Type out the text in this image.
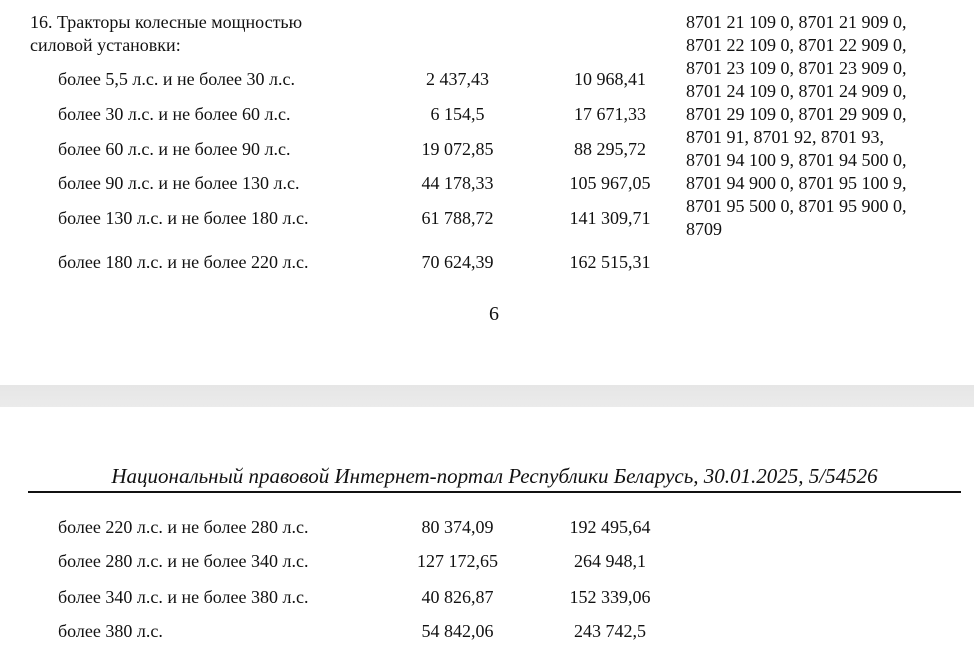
16. Тракторы колесные мощностью
силовой установки:
более 5,5 л.с. и не более 30 л.с.	2 437,43	10 968,41
более 30 л.с. и не более 60 л.с.	6 154,5	17 671,33
более 60 л.с. и не более 90 л.с.	19 072,85	88 295,72
более 90 л.с. и не более 130 л.с.	44 178,33	105 967,05
более 130 л.с. и не более 180 л.с.	61 788,72	141 309,71
более 180 л.с. и не более 220 л.с.	70 624,39	162 515,31
8701 21 109 0, 8701 21 909 0,
8701 22 109 0, 8701 22 909 0,
8701 23 109 0, 8701 23 909 0,
8701 24 109 0, 8701 24 909 0,
8701 29 109 0, 8701 29 909 0,
8701 91, 8701 92, 8701 93,
8701 94 100 9, 8701 94 500 0,
8701 94 900 0, 8701 95 100 9,
8701 95 500 0, 8701 95 900 0,
8709
6
Национальный правовой Интернет-портал Республики Беларусь, 30.01.2025, 5/54526
более 220 л.с. и не более 280 л.с.	80 374,09	192 495,64
более 280 л.с. и не более 340 л.с.	127 172,65	264 948,1
более 340 л.с. и не более 380 л.с.	40 826,87	152 339,06
более 380 л.с.	54 842,06	243 742,5
